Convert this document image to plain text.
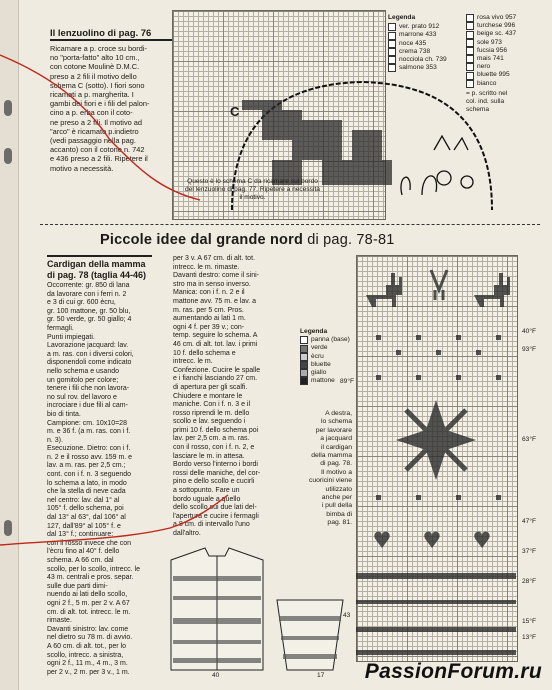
Il lenzuolino di pag. 76
Ricamare a p. croce su bordi-
no "porta-fatto" alto 10 cm.,
con cotone Moulinè D.M.C.
preso a 2 fili il motivo dello
schema C (sotto). I fiori sono
ricamati a p. margherita. I
gambi dei fiori e i fili del palon-
cino a p. erba con il coto-
ne preso a 2 fili. Il motivo ad
"arco" è ricamato p.indietro
(vedi passaggio nella pag.
accanto) con il cotone n. 742
e 436 preso a 2 fili. Ripetere il
motivo a necessità.
C
Questo è lo schema C da ricamare sul bordo del lenzuolino di pag. 77. Ripetere a necessità il motivo.
Legenda
ver. prato 912
marrone 433
noce 435
crema 738
nocciola ch. 739
salmone 353
rosa vivo 957
turchese 996
beige sc. 437
sole 973
fucsia 956
mais 741
nero
bluette 995
bianco
= p. scritto nel
col. ind. sulla
schema
Piccole idee dal grande nord di pag. 78-81
Cardigan della mamma
di pag. 78 (taglia 44-46)
Occorrente: gr. 850 di lana
da lavorare con i ferri n. 2
e 3 di cui gr. 600 ècru,
gr. 100 mattone, gr. 50 blu,
gr. 50 verde, gr. 50 giallo; 4
fermagli.
Punti impiegati.
Lavorazione jacquard: lav.
a m. ras. con i diversi colori,
disponendoli come indicato
nello schema e usando
un gomitolo per colore;
tenere i fili che non lavora-
no sul rov. del lavoro e
incrociare i due fili al cam-
bio di tinta.
Campione: cm. 10x10=28
m. e 36 f. (a m. ras. con i f.
n. 3).
Esecuzione. Dietro: con i f.
n. 2 e il rosso avv. 159 m. e
lav. a m. ras. per 2,5 cm.;
cont. con i f. n. 3 seguendo
lo schema a lato, in modo
che la stella di neve cada
nel centro: lav. dal 1° al
105° f. dello schema, poi
dal 13° al 63°, dal 106° al
127, dall'89° al 105° f. e
dal 13° f.; continuare:
con il rosso invece che con
l'ècru fino al 40° f. dello
schema. A 66 cm. dal
scollo, per lo scollo, intrecc. le
43 m. centrali e pros. separ.
sulle due parti dimi-
nuendo ai lati dello scollo,
ogni 2 f., 5 m. per 2 v. A 67
cm. di alt. tot. intrecc. le m.
rimaste.
Davanti sinistro: lav. come
nel dietro su 78 m. di avvio.
A 60 cm. di alt. tot., per lo
scollo, intrecc. a sinistra,
ogni 2 f., 11 m., 4 m., 3 m.
per 2 v., 2 m. per 3 v., 1 m.
per 3 v. A 67 cm. di alt. tot.
intrecc. le m. rimaste.
Davanti destro: come il sini-
stro ma in senso inverso.
Manica: con i f. n. 2 e il
mattone avv. 75 m. e lav. a
m. ras. per 5 cm. Pros.
aumentando ai lati 1 m.
ogni 4 f. per 39 v.; con-
temp. seguire lo schema. A
46 cm. di alt. tot. lav. i primi
10 f. dello schema e
intrecc. le m.
Confezione. Cucire le spalle
e i fianchi lasciando 27 cm.
di apertura per gli scalfi.
Chiudere e montare le
maniche. Con i f. n. 3 e il
rosso riprendi le m. dello
scollo e lav. seguendo i
primi 10 f. dello schema poi
lav. per 2,5 cm. a m. ras.
con il rosso, con i f. n. 2, e
lasciare le m. in attesa.
Bordo verso l'interno i bordi
rossi delle maniche, del cor-
pino e dello scollo e cucirli
a sottopunto. Fare un
bordo uguale a quello
dello scollo sui due lati del-
l'apertura e cucire i fermagli
a 8 cm. di intervallo l'uno
dall'altro.
Legenda
panna (base)
verde
ècru
bluette
giallo
mattone
A destra,
lo schema
per lavorare
a jacquard
il cardigan
della mamma
di pag. 78.
Il motivo a
cuoricini viene
utilizzato
anche per
i pull della
bimba di
pag. 81.
40°F
93°F
89°F
63°F
47°F
37°F
28°F
15°F
13°F
40
43
17 PassionForum.ru
